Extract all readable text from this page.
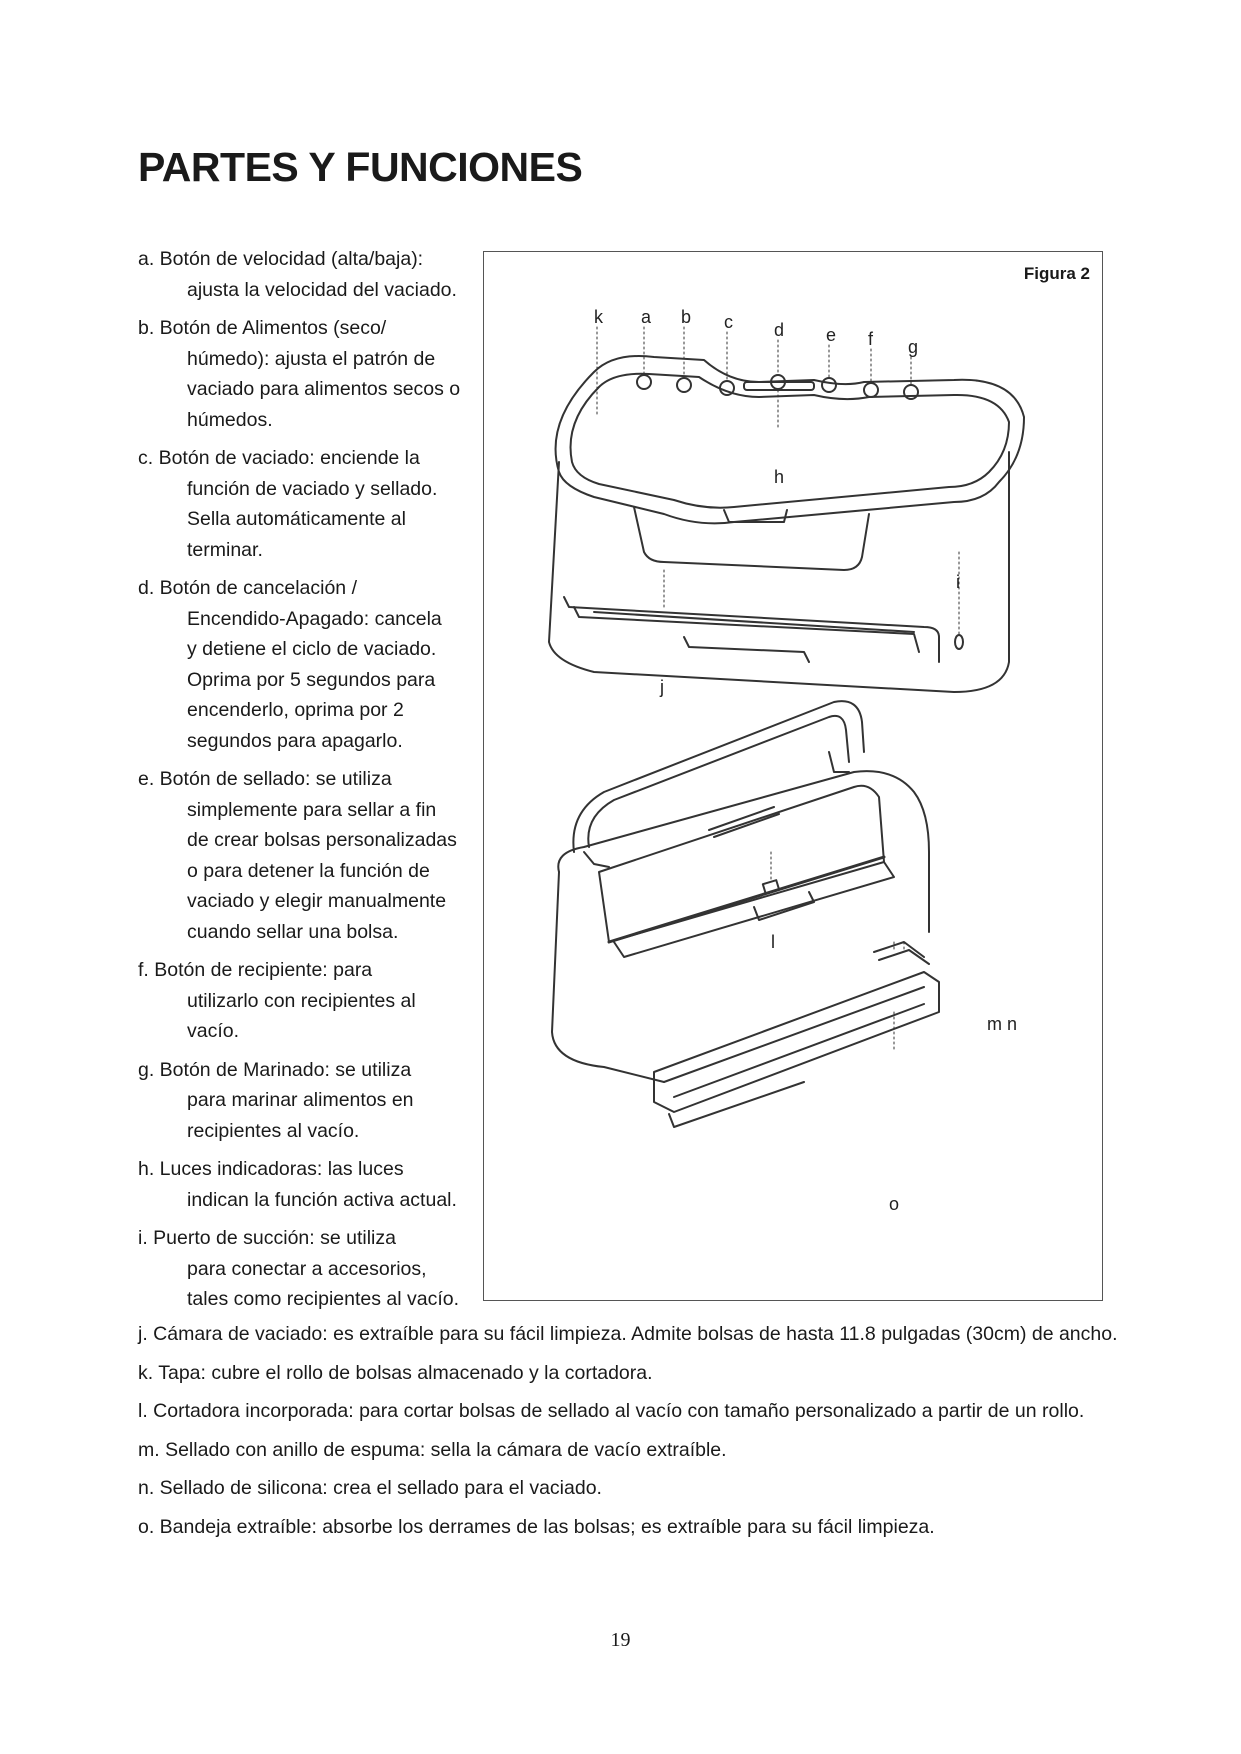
PARTES Y FUNCIONES
a. Botón de velocidad (alta/baja):
ajusta la velocidad del vaciado.
b. Botón de Alimentos (seco/
húmedo): ajusta el patrón de
vaciado para alimentos secos o
húmedos.
c. Botón de vaciado: enciende la
función de vaciado y sellado.
Sella automáticamente al
terminar.
d. Botón de cancelación /
Encendido-Apagado: cancela
y detiene el ciclo de vaciado.
Oprima por 5 segundos para
encenderlo, oprima por 2
segundos para apagarlo.
e. Botón de sellado: se utiliza
simplemente para sellar a fin
de crear bolsas personalizadas
o para detener la función de
vaciado y elegir manualmente
cuando sellar una bolsa.
f. Botón de recipiente: para
utilizarlo con recipientes al
vacío.
g. Botón de Marinado: se utiliza
para marinar alimentos en
recipientes al vacío.
h. Luces indicadoras: las luces
indican la función activa actual.
i. Puerto de succión: se utiliza
para conectar a accesorios,
tales como recipientes al vacío.
Figura 2
k a b c d e f g
h
i
j
l
m n
o
j. Cámara de vaciado: es extraíble para su fácil limpieza. Admite bolsas de hasta 11.8 pulgadas (30cm) de ancho.
k. Tapa: cubre el rollo de bolsas almacenado y la cortadora.
l. Cortadora incorporada: para cortar bolsas de sellado al vacío con tamaño personalizado a partir de un rollo.
m. Sellado con anillo de espuma: sella la cámara de vacío extraíble.
n. Sellado de silicona: crea el sellado para el vaciado.
o. Bandeja extraíble: absorbe los derrames de las bolsas; es extraíble para su fácil limpieza.
19
